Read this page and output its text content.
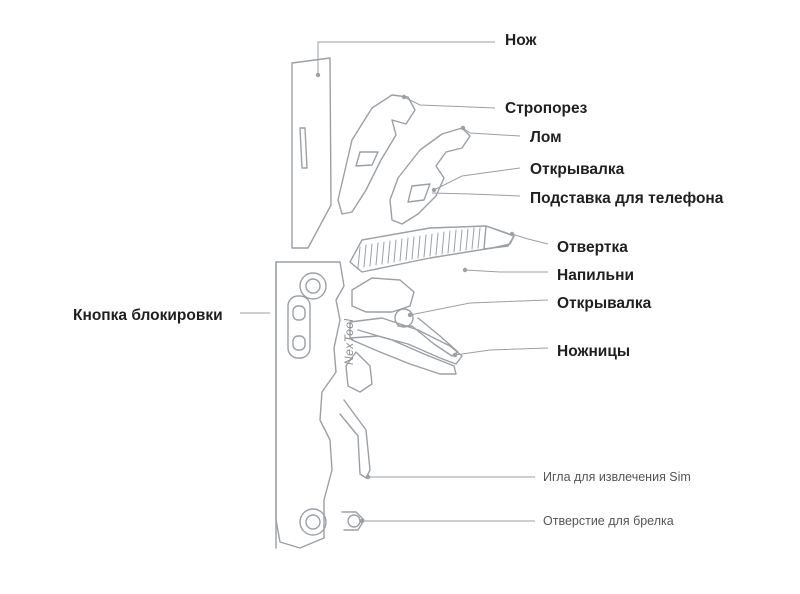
NexTool
Нож
Стропорез
Лом
Открывалка
Подставка для телефона
Отвертка
Напильни
Открывалка
Ножницы
Кнопка блокировки
Игла для извлечения Sim
Отверстие для брелка
